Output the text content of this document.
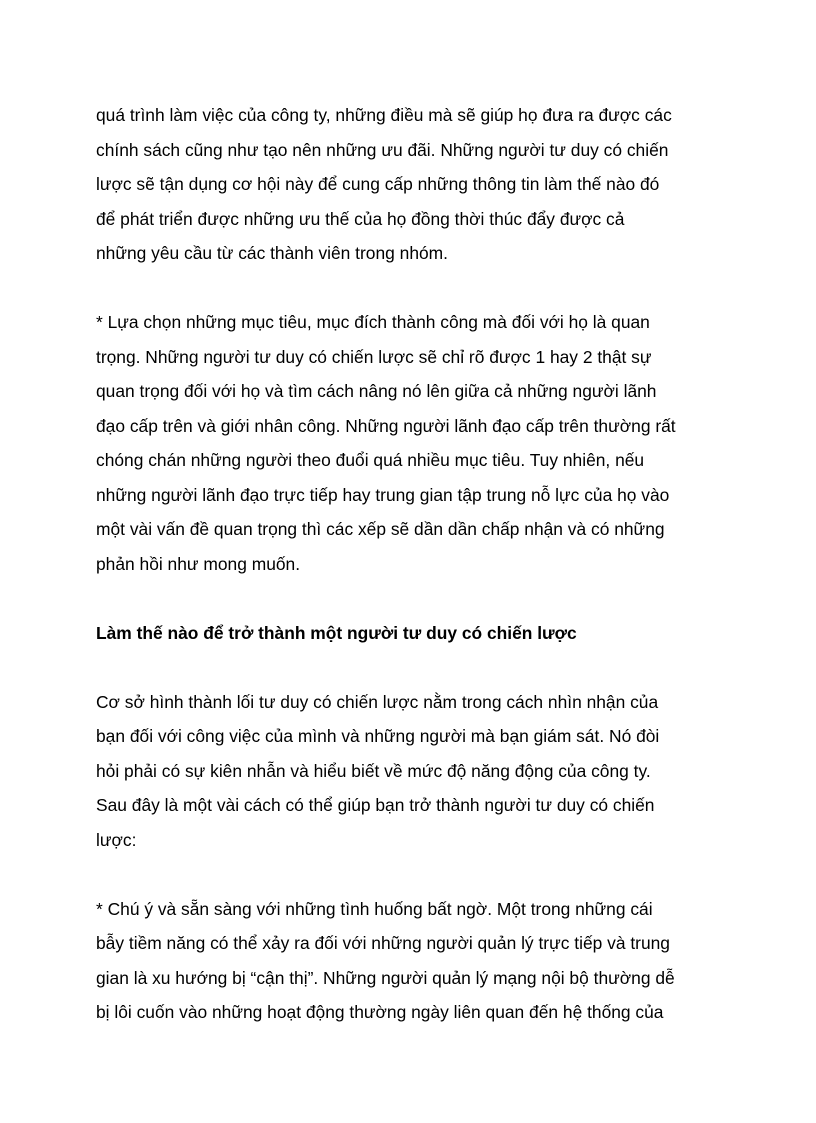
quá trình làm việc của công ty, những điều mà sẽ giúp họ đưa ra được các
chính sách cũng như tạo nên những ưu đãi. Những người tư duy có chiến
lược sẽ tận dụng cơ hội này để cung cấp những thông tin làm thế nào đó
để phát triển được những ưu thế của họ đồng thời thúc đẩy được cả
những yêu cầu từ các thành viên trong nhóm.
* Lựa chọn những mục tiêu, mục đích thành công mà đối với họ là quan
trọng. Những người tư duy có chiến lược sẽ chỉ rõ được 1 hay 2 thật sự
quan trọng đối với họ và tìm cách nâng nó lên giữa cả những người lãnh
đạo cấp trên và giới nhân công. Những người lãnh đạo cấp trên thường rất
chóng chán những người theo đuổi quá nhiều mục tiêu. Tuy nhiên, nếu
những người lãnh đạo trực tiếp hay trung gian tập trung nỗ lực của họ vào
một vài vấn đề quan trọng thì các xếp sẽ dần dần chấp nhận và có những
phản hồi như mong muốn.
Làm thế nào để trở thành một người tư duy có chiến lược
Cơ sở hình thành lối tư duy có chiến lược nằm trong cách nhìn nhận của
bạn đối với công việc của mình và những người mà bạn giám sát. Nó đòi
hỏi phải có sự kiên nhẫn và hiểu biết về mức độ năng động của công ty.
Sau đây là một vài cách có thể giúp bạn trở thành người tư duy có chiến
lược:
* Chú ý và sẵn sàng với những tình huống bất ngờ. Một trong những cái
bẫy tiềm năng có thể xảy ra đối với những người quản lý trực tiếp và trung
gian là xu hướng bị “cận thị”. Những người quản lý mạng nội bộ thường dễ
bị lôi cuốn vào những hoạt động thường ngày liên quan đến hệ thống của
